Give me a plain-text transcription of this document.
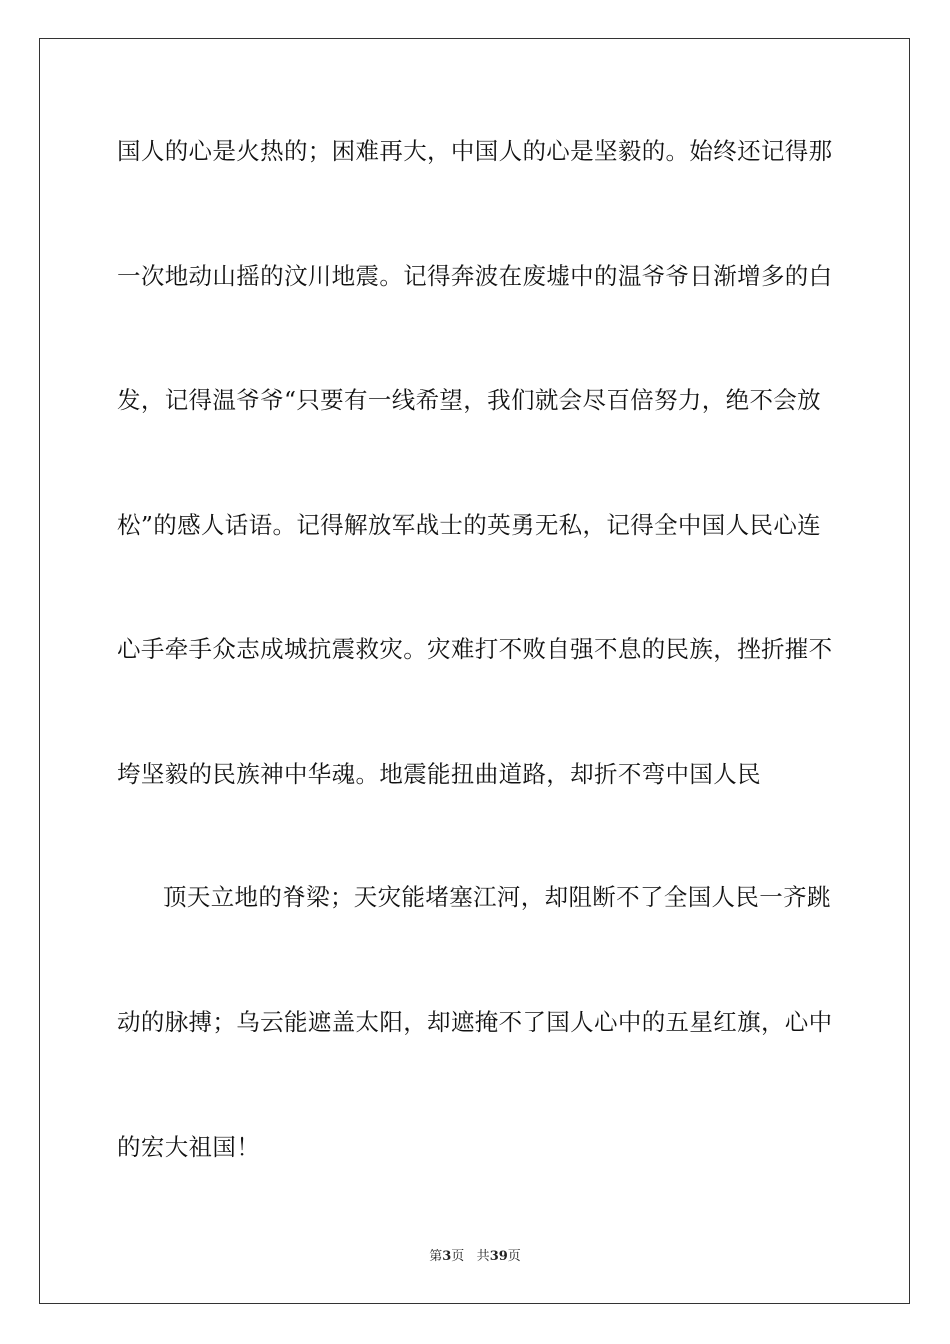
国人的心是火热的；困难再大，中国人的心是坚毅的。始终还记得那

一次地动山摇的汶川地震。记得奔波在废墟中的温爷爷日渐增多的白

发，记得温爷爷“只要有一线希望，我们就会尽百倍努力，绝不会放

松”的感人话语。记得解放军战士的英勇无私，记得全中国人民心连

心手牵手众志成城抗震救灾。灾难打不败自强不息的民族，挫折摧不

垮坚毅的民族神中华魂。地震能扭曲道路，却折不弯中国人民

顶天立地的脊梁；天灾能堵塞江河，却阻断不了全国人民一齐跳

动的脉搏；乌云能遮盖太阳，却遮掩不了国人心中的五星红旗，心中

的宏大祖国！

第3页 共39页
